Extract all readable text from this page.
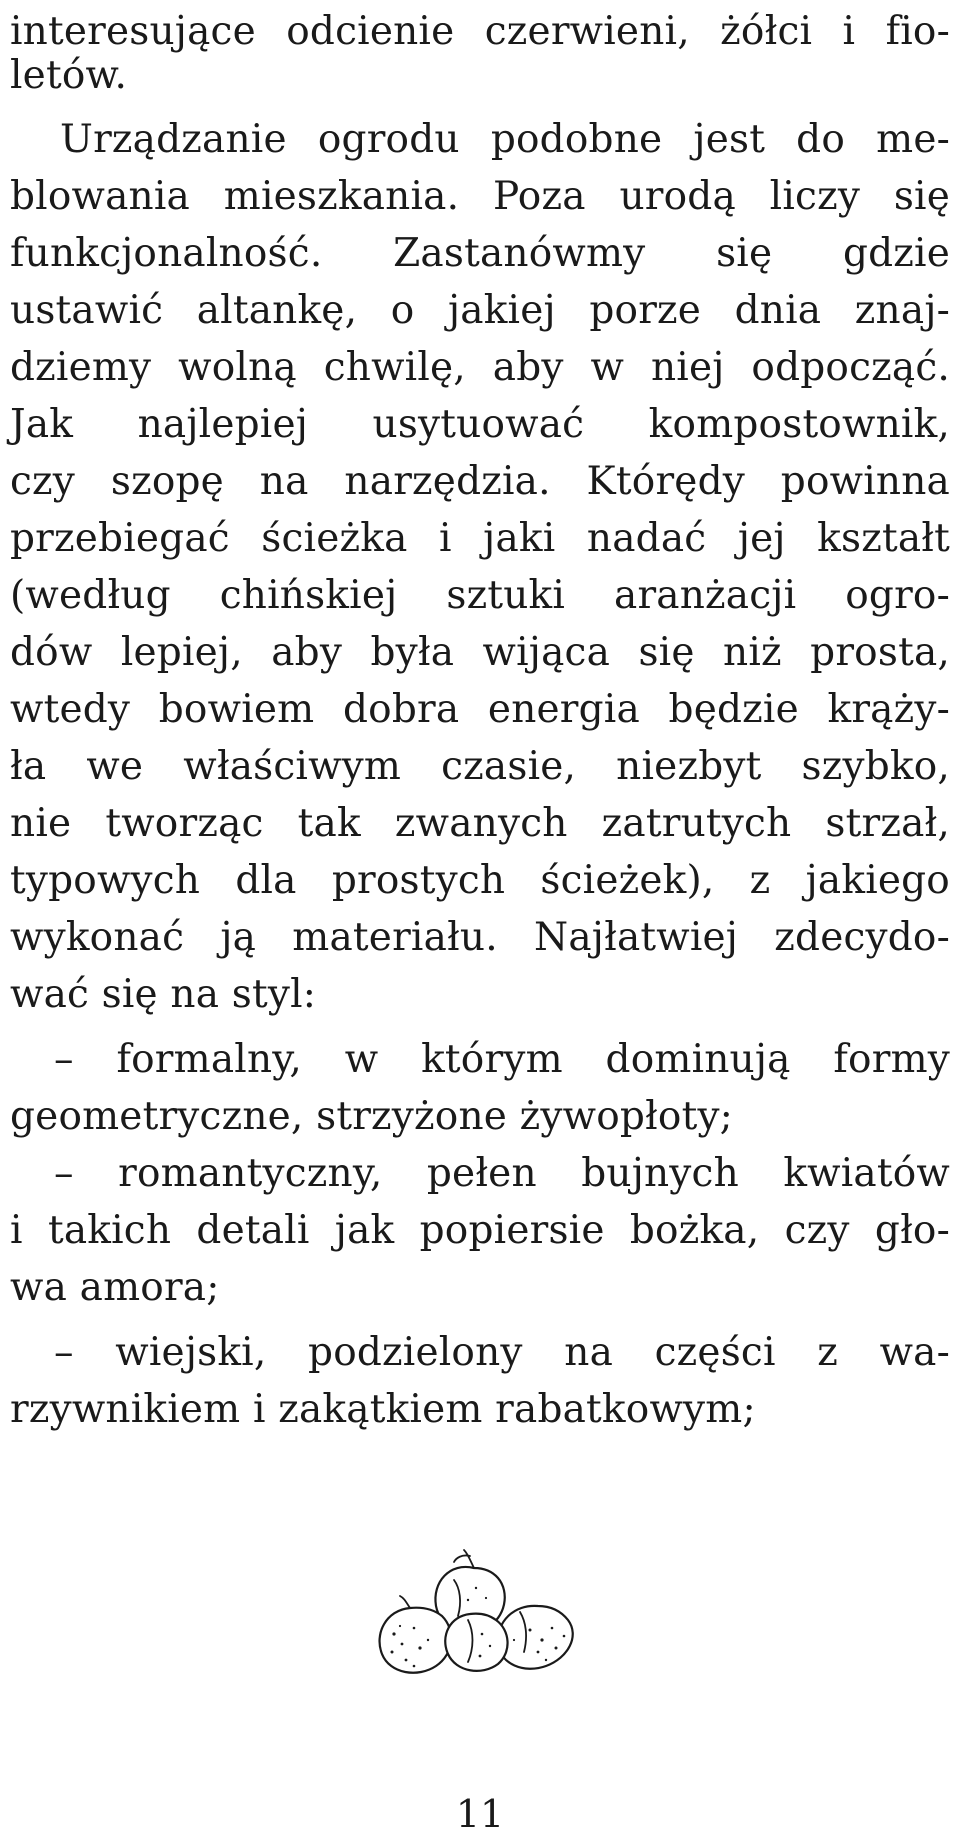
interesujące odcienie czerwieni, żółci i fio-
letów.
Urządzanie ogrodu podobne jest do me-
blowania mieszkania. Poza urodą liczy się
funkcjonalność. Zastanówmy się gdzie
ustawić altankę, o jakiej porze dnia znaj-
dziemy wolną chwilę, aby w niej odpocząć.
Jak najlepiej usytuować kompostownik,
czy szopę na narzędzia. Którędy powinna
przebiegać ścieżka i jaki nadać jej kształt
(według chińskiej sztuki aranżacji ogro-
dów lepiej, aby była wijąca się niż prosta,
wtedy bowiem dobra energia będzie krąży-
ła we właściwym czasie, niezbyt szybko,
nie tworząc tak zwanych zatrutych strzał,
typowych dla prostych ścieżek), z jakiego
wykonać ją materiału. Najłatwiej zdecydo-
wać się na styl:
– formalny, w którym dominują formy
geometryczne, strzyżone żywopłoty;
– romantyczny, pełen bujnych kwiatów
i takich detali jak popiersie bożka, czy gło-
wa amora;
– wiejski, podzielony na części z wa-
rzywnikiem i zakątkiem rabatkowym;
11
